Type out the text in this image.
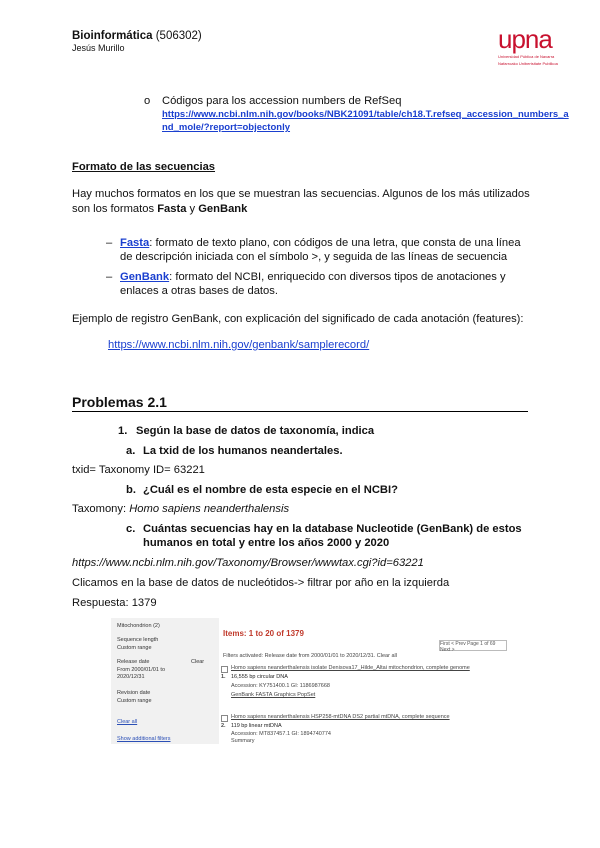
Bioinformática (506302)
Jesús Murillo	upna
Universidad Pública de Navarra
Nafarroako Unibertsitate Publikoa
o Códigos para los accession numbers de RefSeq
https://www.ncbi.nlm.nih.gov/books/NBK21091/table/ch18.T.refseq_accession_numbers_a
nd_mole/?report=objectonly
Formato de las secuencias
Hay muchos formatos en los que se muestran las secuencias. Algunos de los más utilizados
son los formatos Fasta y GenBank
– Fasta: formato de texto plano, con códigos de una letra, que consta de una línea
de descripción iniciada con el símbolo >, y seguida de las líneas de secuencia
– GenBank: formato del NCBI, enriquecido con diversos tipos de anotaciones y
enlaces a otras bases de datos.
Ejemplo de registro GenBank, con explicación del significado de cada anotación (features):
https://www.ncbi.nlm.nih.gov/genbank/samplerecord/
Problemas 2.1
1. Según la base de datos de taxonomía, indica
a. La txid de los humanos neandertales.
txid= Taxonomy ID= 63221
b. ¿Cuál es el nombre de esta especie en el NCBI?
Taxomony: Homo sapiens neanderthalensis
c. Cuántas secuencias hay en la database Nucleotide (GenBank) de estos
humanos en total y entre los años 2000 y 2020
https://www.ncbi.nlm.nih.gov/Taxonomy/Browser/wwwtax.cgi?id=63221
Clicamos en la base de datos de nucleótidos-> filtrar por año en la izquierda
Respuesta: 1379
Mitochondrion (2)
Sequence length
Custom range
Release date	Clear
From 2000/01/01 to 2020/12/31
Revision date
Custom range
Clear all
Show additional filters
Items: 1 to 20 of 1379
First < Prev Page 1 of 69 Next >
Filters activated: Release date from 2000/01/01 to 2020/12/31. Clear all
Homo sapiens neanderthalensis isolate Denisova17_Hilde_Altai mitochondrion, complete genome
1. 16,555 bp circular DNA
Accession: KY751400.1 GI: 1186987668
GenBank FASTA Graphics PopSet
Homo sapiens neanderthalensis HSP258-mtDNA DS2 partial mtDNA, complete sequence
2. 119 bp linear mtDNA
Accession: MT837457.1 GI: 1894740774
Summary
